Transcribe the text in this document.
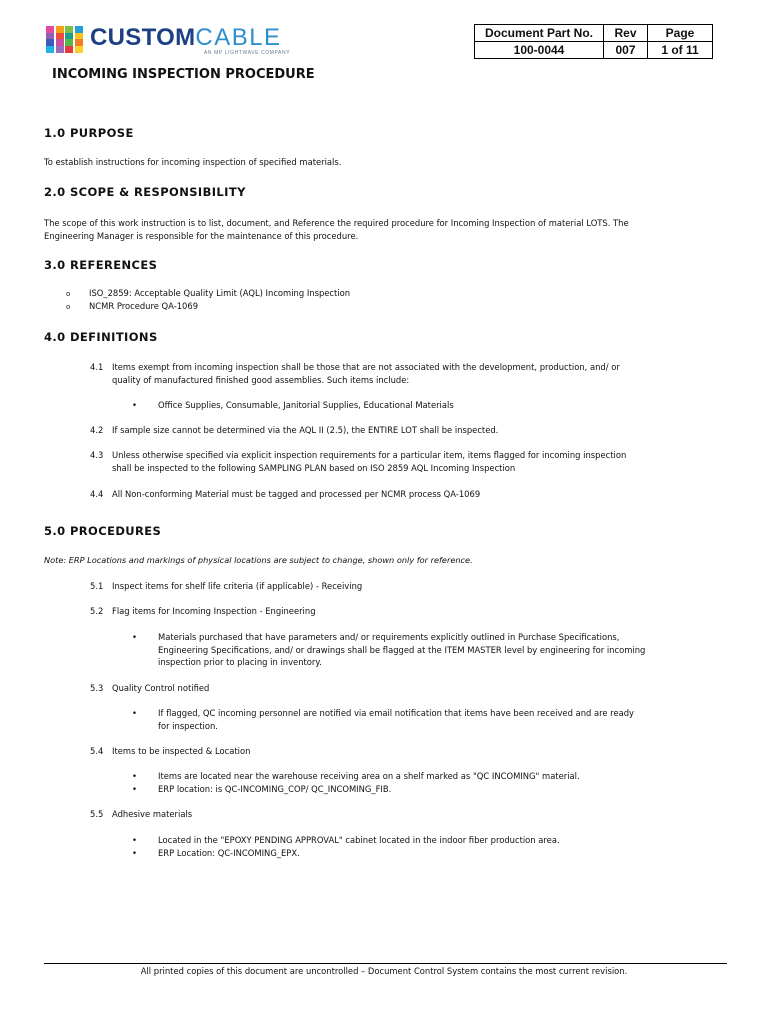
CUSTOMCABLE
AN MP LIGHTWAVE COMPANY
Document Part No.	Rev	Page
100-0044	007	1 of 11
INCOMING INSPECTION PROCEDURE
1.0 PURPOSE
To establish instructions for incoming inspection of specified materials.
2.0 SCOPE & RESPONSIBILITY
The scope of this work instruction is to list, document, and Reference the required procedure for Incoming Inspection of material LOTS. The
Engineering Manager is responsible for the maintenance of this procedure.
3.0 REFERENCES
o ISO_2859: Acceptable Quality Limit (AQL) Incoming Inspection
o NCMR Procedure QA-1069
4.0 DEFINITIONS
4.1 Items exempt from incoming inspection shall be those that are not associated with the development, production, and/ or
quality of manufactured finished good assemblies. Such items include:
•	Office Supplies, Consumable, Janitorial Supplies, Educational Materials
4.2 If sample size cannot be determined via the AQL II (2.5), the ENTIRE LOT shall be inspected.
4.3 Unless otherwise specified via explicit inspection requirements for a particular item, items flagged for incoming inspection
shall be inspected to the following SAMPLING PLAN based on ISO 2859 AQL Incoming Inspection
4.4 All Non-conforming Material must be tagged and processed per NCMR process QA-1069
5.0 PROCEDURES
Note: ERP Locations and markings of physical locations are subject to change, shown only for reference.
5.1 Inspect items for shelf life criteria (if applicable) - Receiving
5.2 Flag items for Incoming Inspection - Engineering
•	Materials purchased that have parameters and/ or requirements explicitly outlined in Purchase Specifications,
Engineering Specifications, and/ or drawings shall be flagged at the ITEM MASTER level by engineering for incoming
inspection prior to placing in inventory.
5.3 Quality Control notified
•	If flagged, QC incoming personnel are notified via email notification that items have been received and are ready
for inspection.
5.4 Items to be inspected & Location
•	Items are located near the warehouse receiving area on a shelf marked as "QC INCOMING" material.
•	ERP location: is QC-INCOMING_COP/ QC_INCOMING_FIB.
5.5 Adhesive materials
•	Located in the "EPOXY PENDING APPROVAL" cabinet located in the indoor fiber production area.
•	ERP Location: QC-INCOMING_EPX.
All printed copies of this document are uncontrolled – Document Control System contains the most current revision.
